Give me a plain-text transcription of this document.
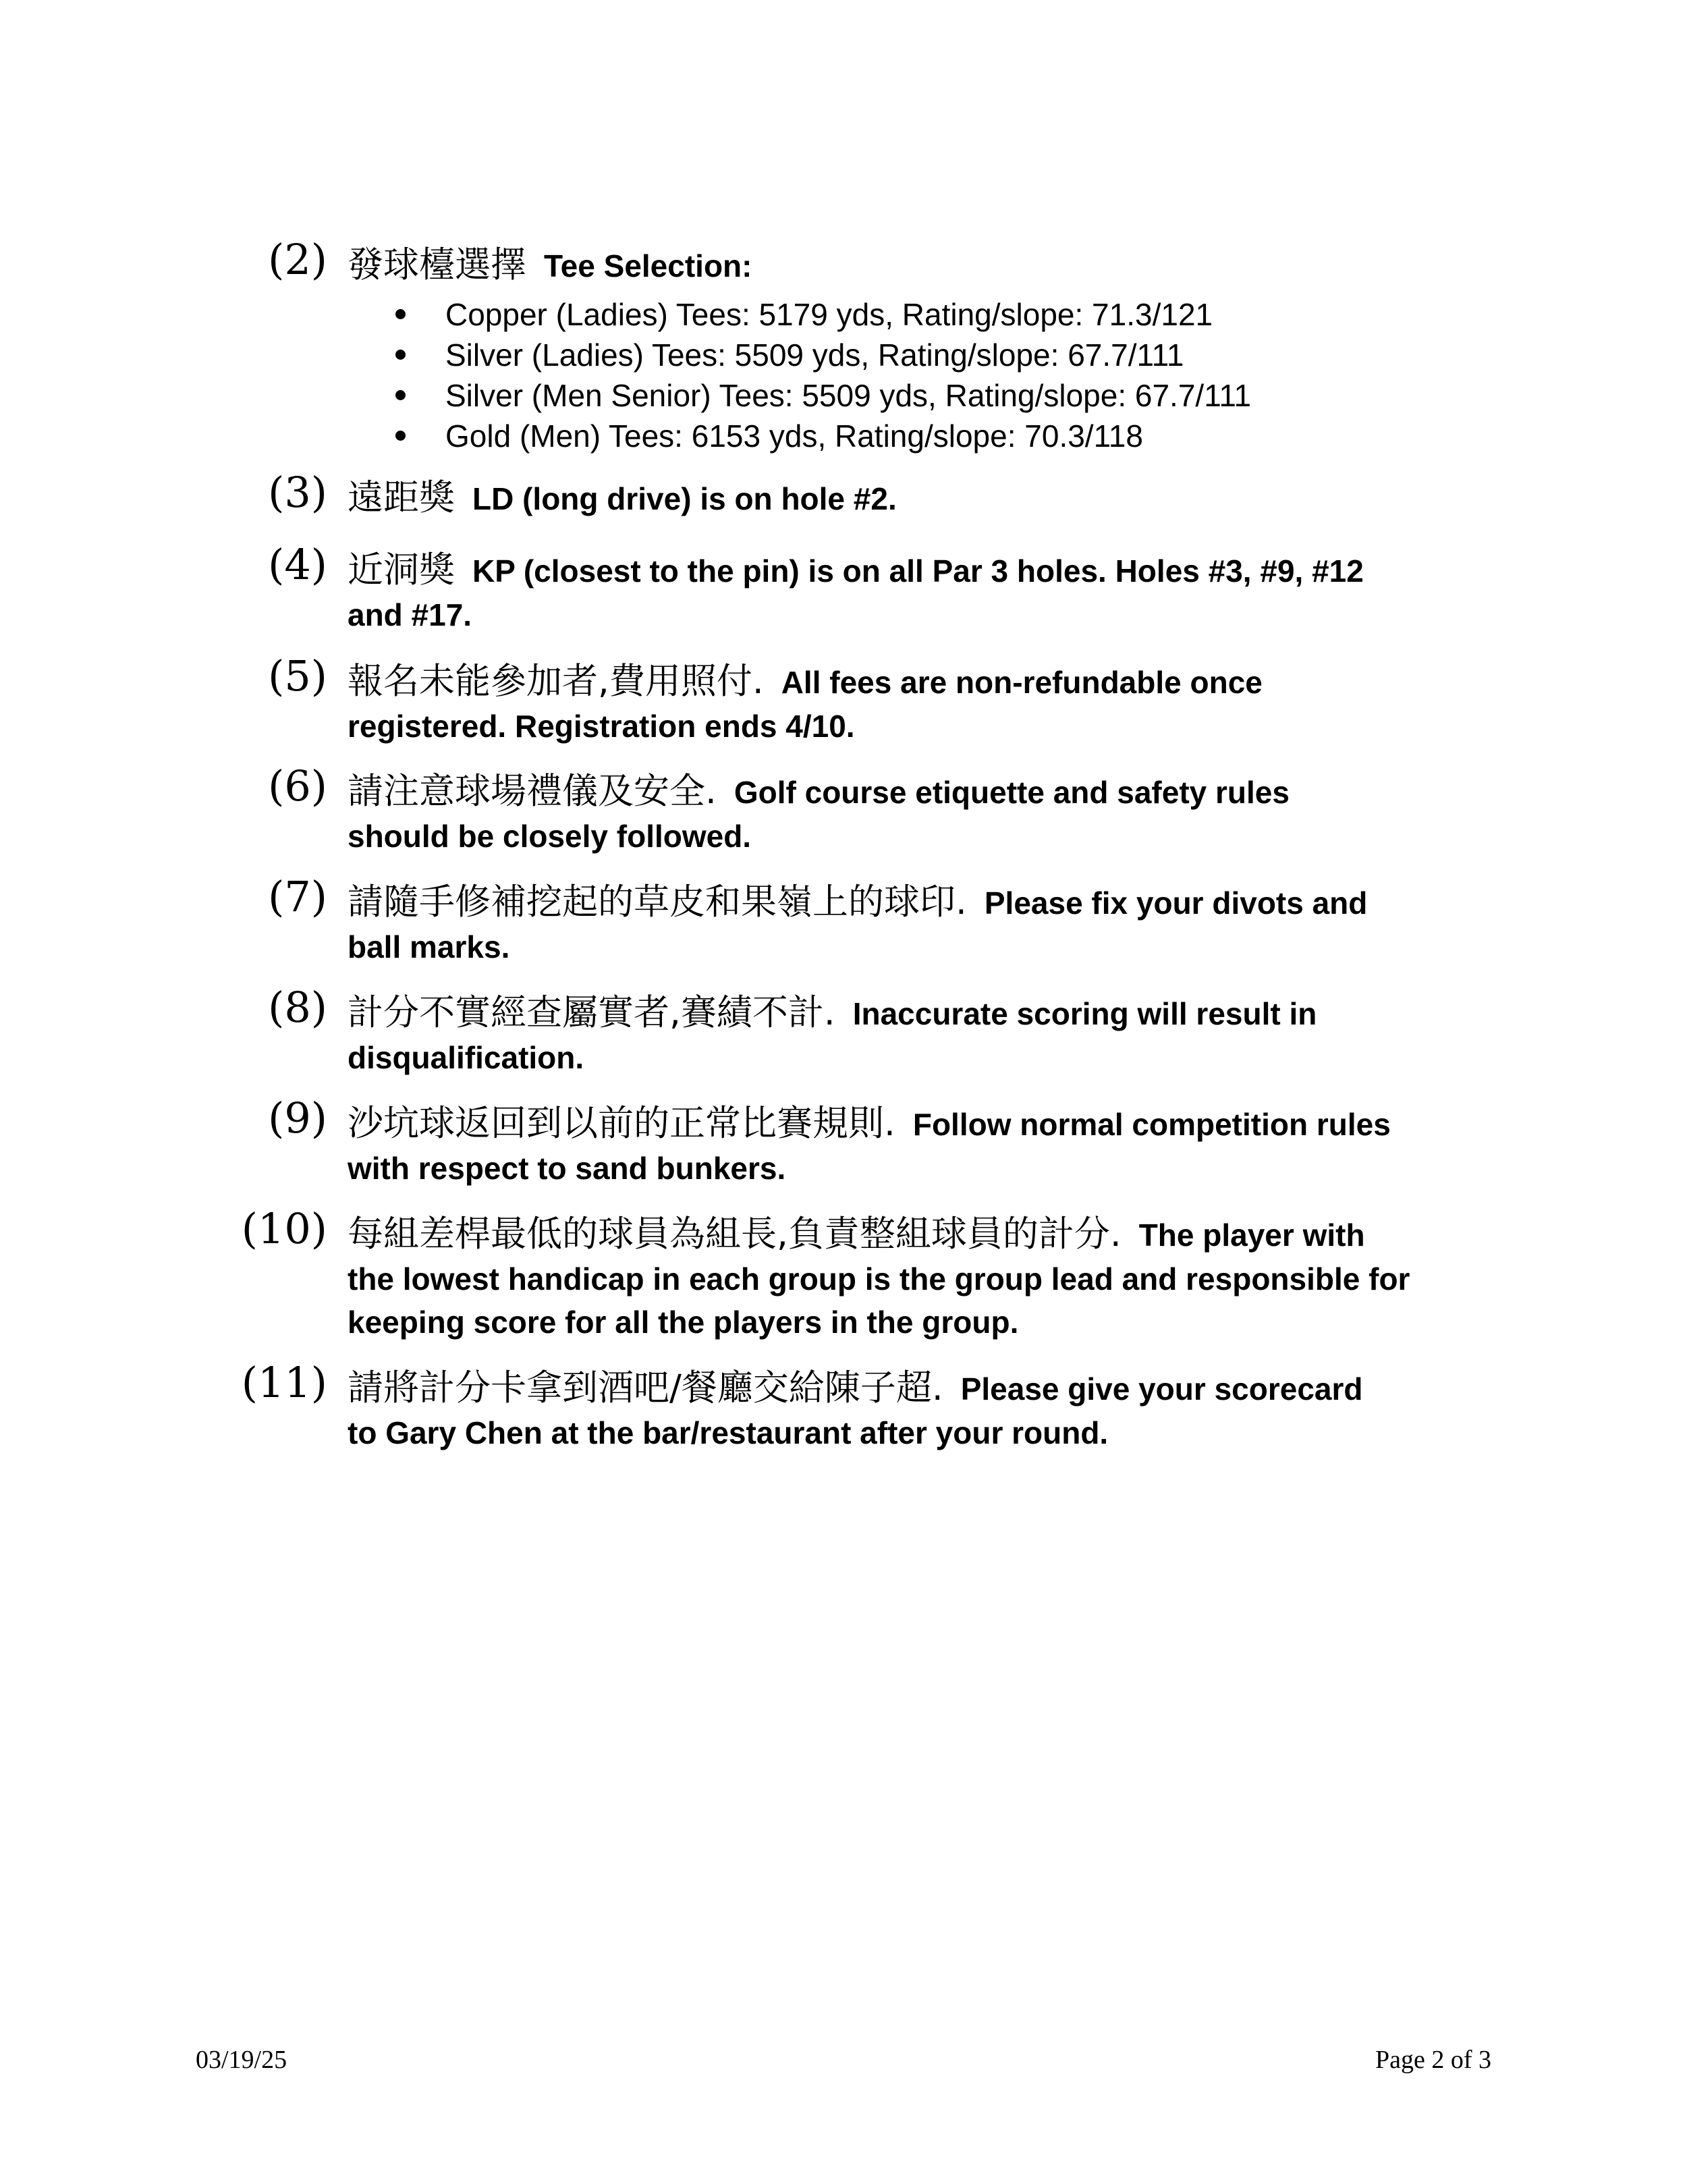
(2) 發球檯選擇 Tee Selection:
Copper (Ladies) Tees: 5179 yds, Rating/slope: 71.3/121
Silver (Ladies) Tees: 5509 yds, Rating/slope: 67.7/111
Silver (Men Senior) Tees: 5509 yds, Rating/slope: 67.7/111
Gold (Men) Tees: 6153 yds, Rating/slope: 70.3/118
(3) 遠距獎 LD (long drive) is on hole #2.
(4) 近洞獎 KP (closest to the pin) is on all Par 3 holes. Holes #3, #9, #12
and #17.
(5) 報名未能參加者,費用照付. All fees are non-refundable once
registered. Registration ends 4/10.
(6) 請注意球場禮儀及安全. Golf course etiquette and safety rules
should be closely followed.
(7) 請隨手修補挖起的草皮和果嶺上的球印. Please fix your divots and
ball marks.
(8) 計分不實經查屬實者,賽績不計. Inaccurate scoring will result in
disqualification.
(9) 沙坑球返回到以前的正常比賽規則. Follow normal competition rules
with respect to sand bunkers.
(10) 每組差桿最低的球員為組長,負責整組球員的計分. The player with
the lowest handicap in each group is the group lead and responsible for
keeping score for all the players in the group.
(11) 請將計分卡拿到酒吧/餐廳交給陳子超. Please give your scorecard
to Gary Chen at the bar/restaurant after your round.
03/19/25	Page 2 of 3
